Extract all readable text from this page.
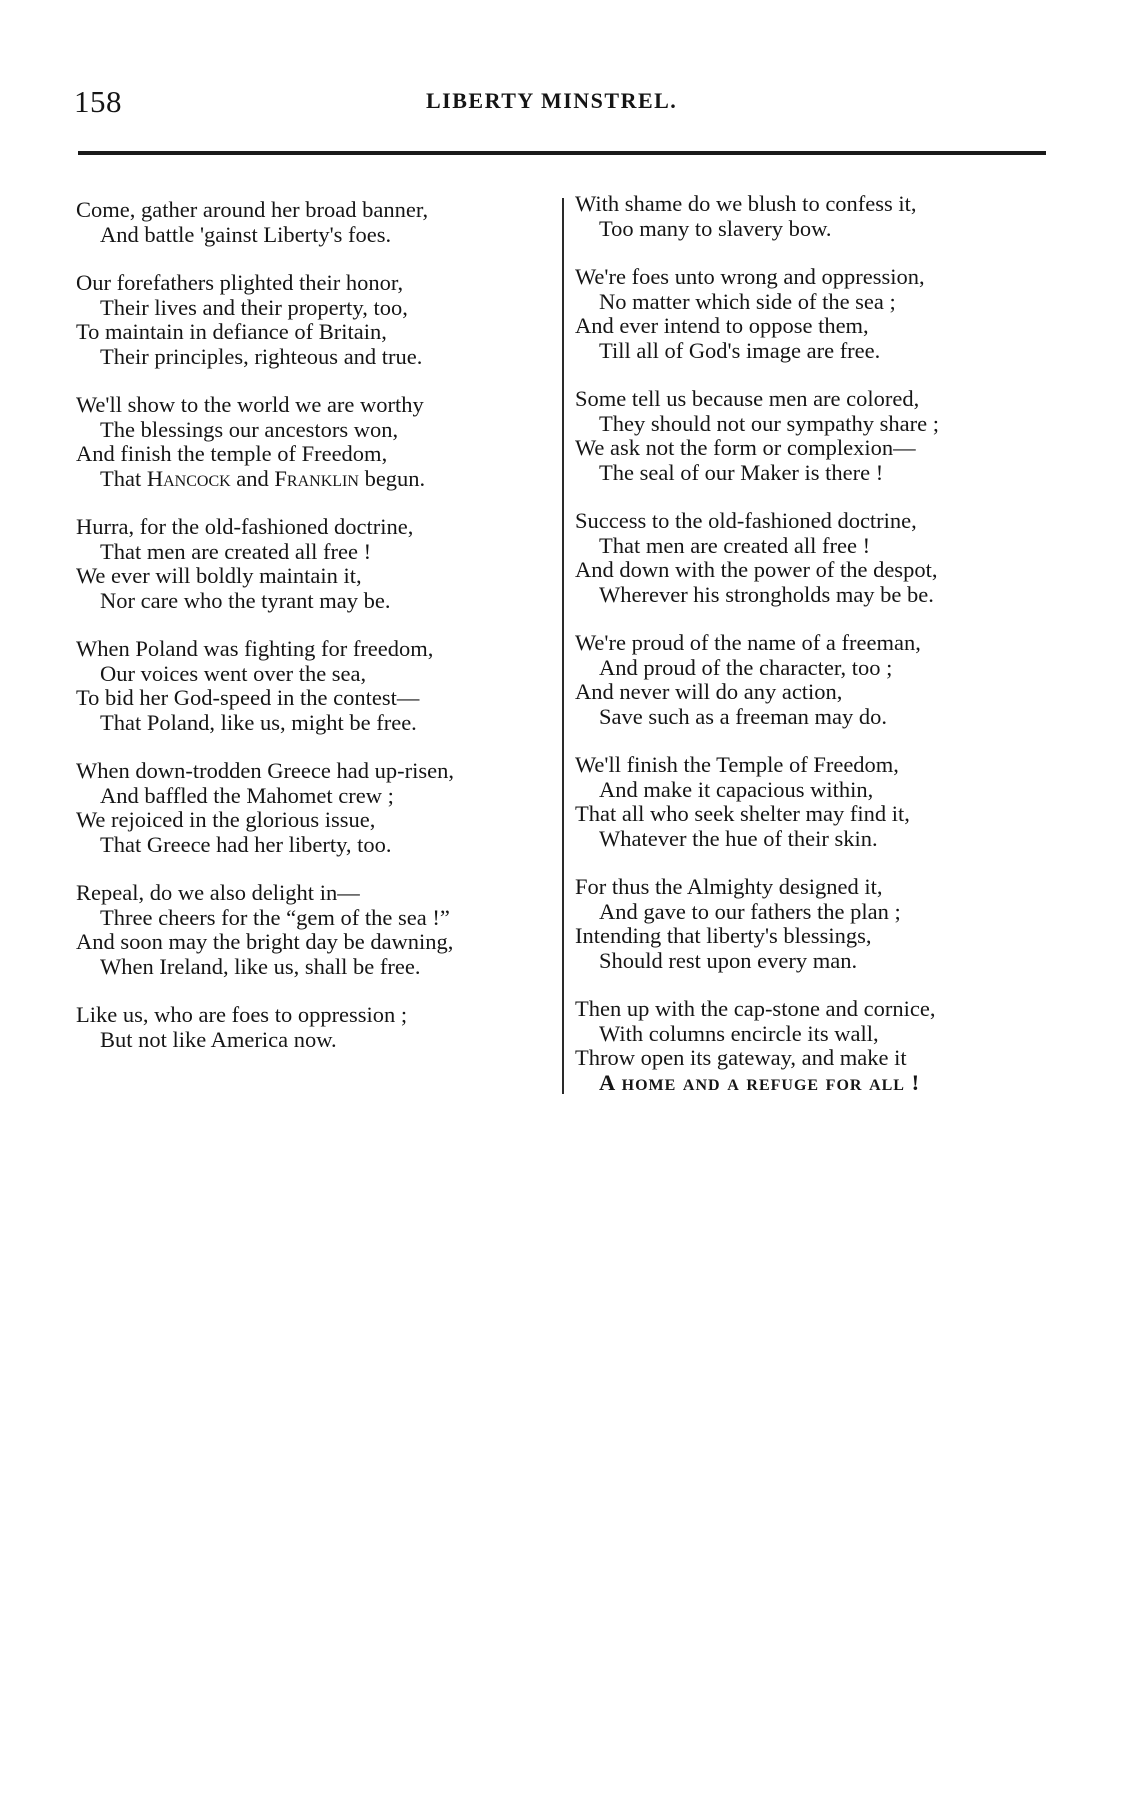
158	LIBERTY MINSTREL.
Come, gather around her broad banner,
And battle 'gainst Liberty's foes.
Our forefathers plighted their honor,
Their lives and their property, too,
To maintain in defiance of Britain,
Their principles, righteous and true.
We'll show to the world we are worthy
The blessings our ancestors won,
And finish the temple of Freedom,
That Hancock and Franklin begun.
Hurra, for the old-fashioned doctrine,
That men are created all free !
We ever will boldly maintain it,
Nor care who the tyrant may be.
When Poland was fighting for freedom,
Our voices went over the sea,
To bid her God-speed in the contest—
That Poland, like us, might be free.
When down-trodden Greece had up-risen,
And baffled the Mahomet crew ;
We rejoiced in the glorious issue,
That Greece had her liberty, too.
Repeal, do we also delight in—
Three cheers for the “gem of the sea !”
And soon may the bright day be dawning,
When Ireland, like us, shall be free.
Like us, who are foes to oppression ;
But not like America now.
With shame do we blush to confess it,
Too many to slavery bow.
We're foes unto wrong and oppression,
No matter which side of the sea ;
And ever intend to oppose them,
Till all of God's image are free.
Some tell us because men are colored,
They should not our sympathy share ;
We ask not the form or complexion—
The seal of our Maker is there !
Success to the old-fashioned doctrine,
That men are created all free !
And down with the power of the despot,
Wherever his strongholds may be be.
We're proud of the name of a freeman,
And proud of the character, too ;
And never will do any action,
Save such as a freeman may do.
We'll finish the Temple of Freedom,
And make it capacious within,
That all who seek shelter may find it,
Whatever the hue of their skin.
For thus the Almighty designed it,
And gave to our fathers the plan ;
Intending that liberty's blessings,
Should rest upon every man.
Then up with the cap-stone and cornice,
With columns encircle its wall,
Throw open its gateway, and make it
A home and a refuge for all !
